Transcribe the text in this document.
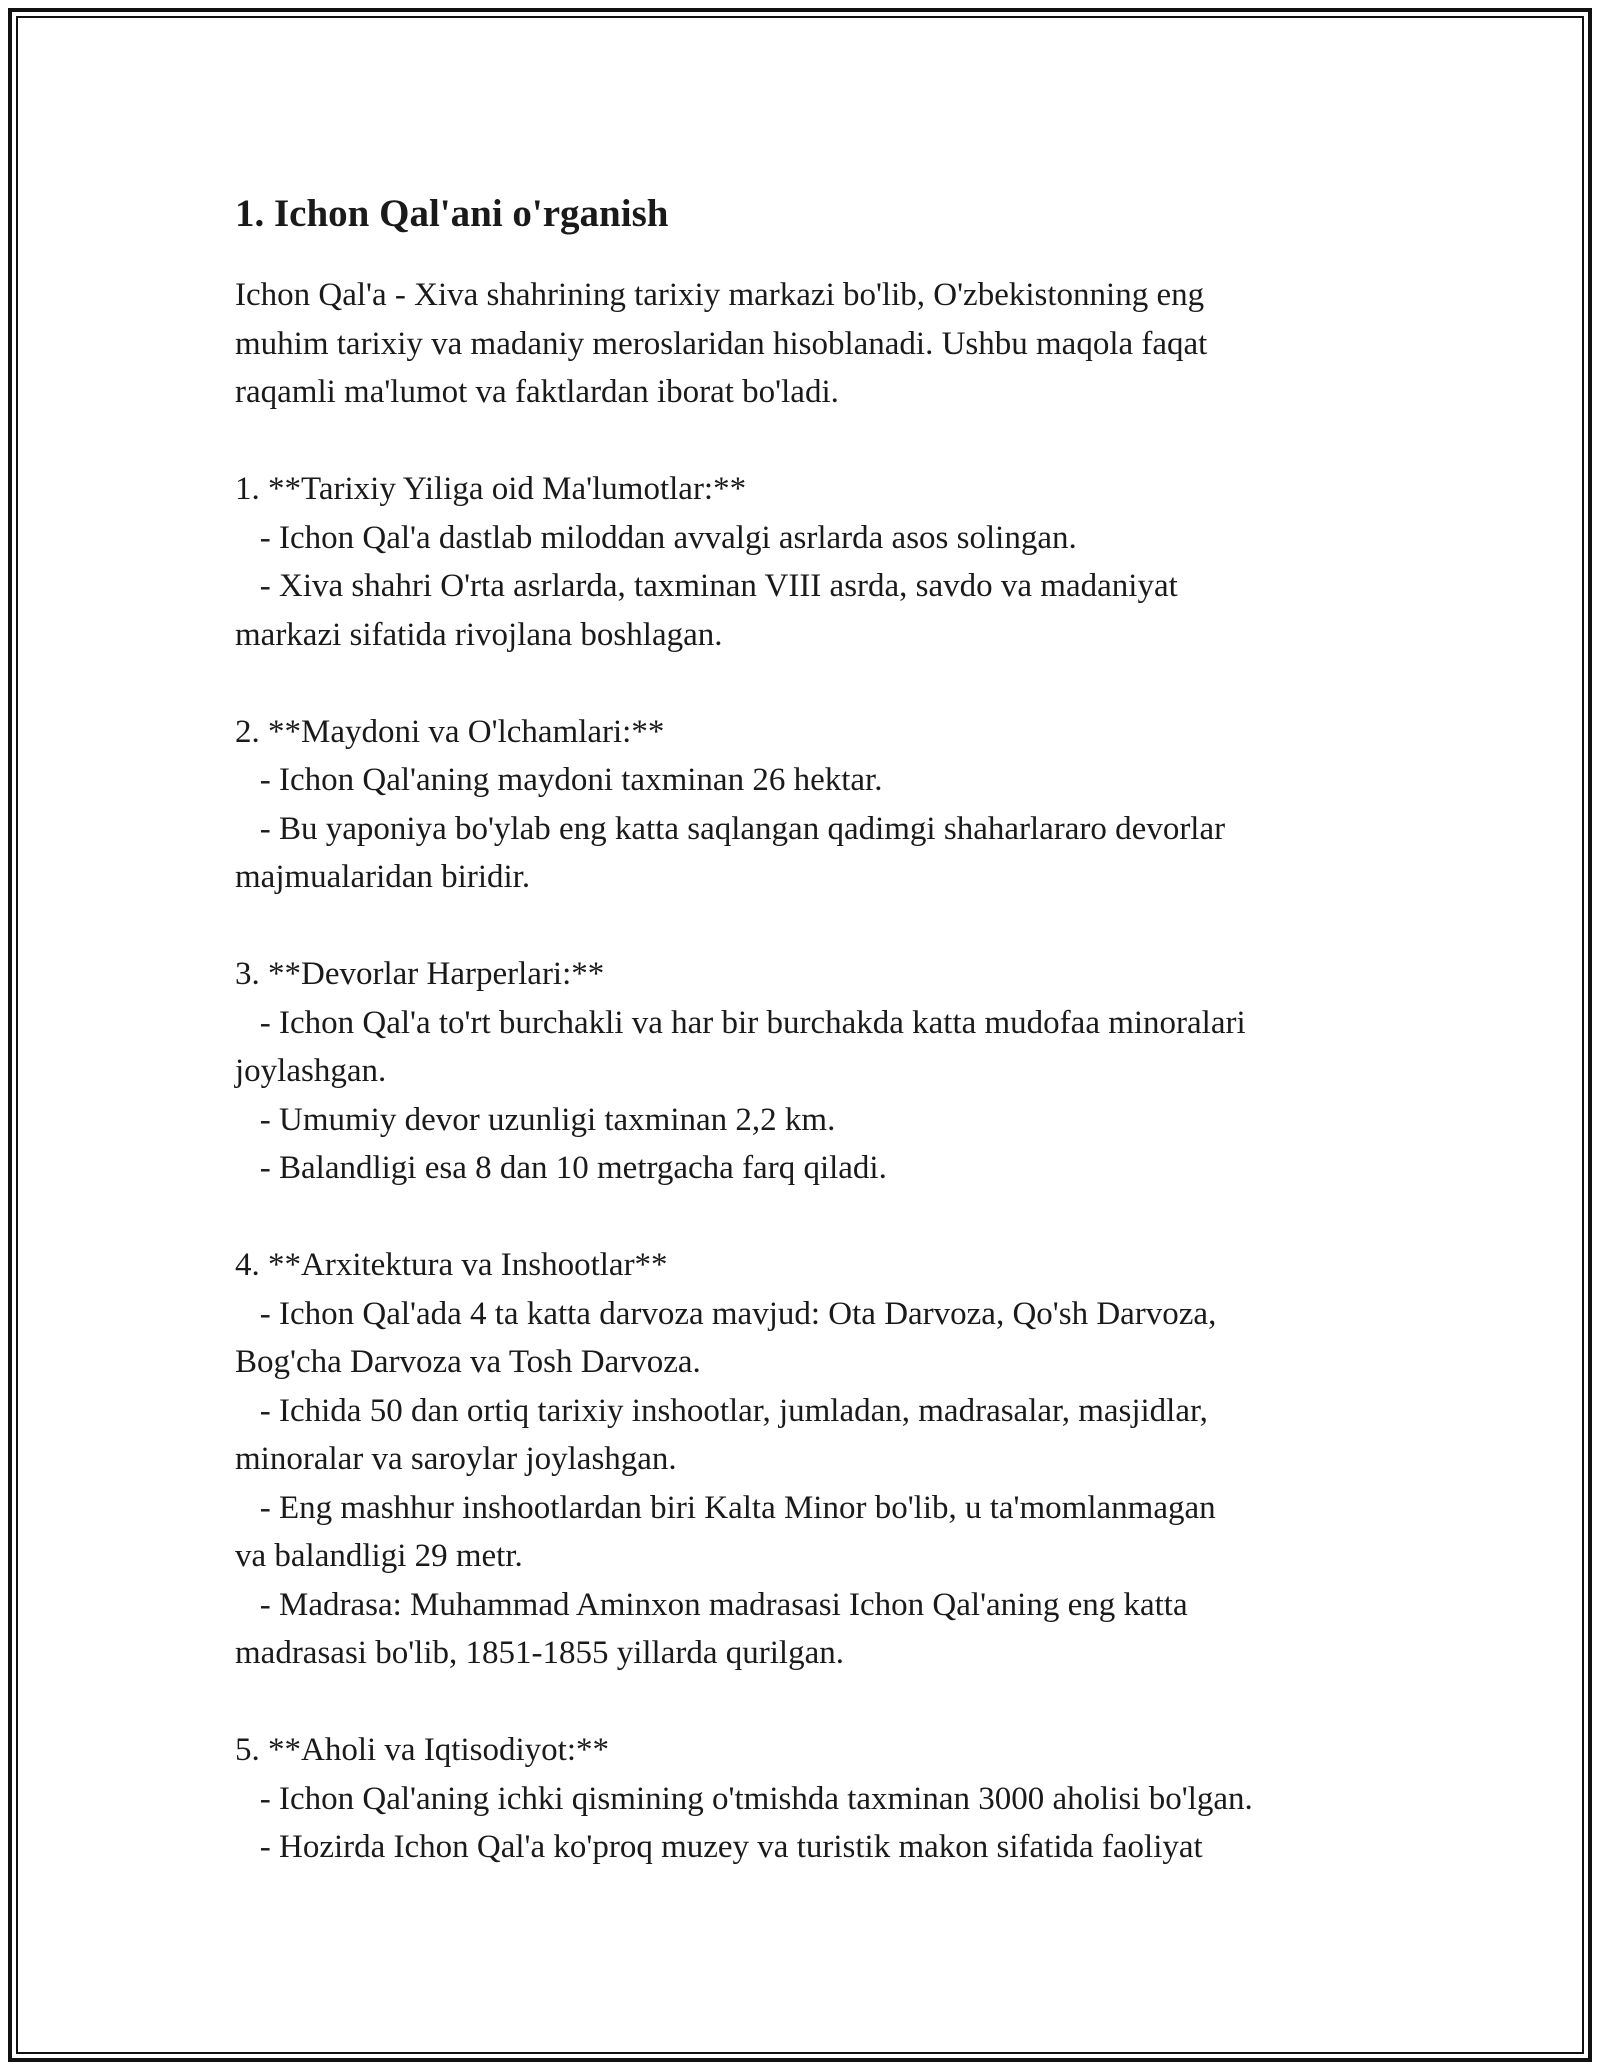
1. Ichon Qal'ani o'rganish

Ichon Qal'a - Xiva shahrining tarixiy markazi bo'lib, O'zbekistonning eng
muhim tarixiy va madaniy meroslaridan hisoblanadi. Ushbu maqola faqat
raqamli ma'lumot va faktlardan iborat bo'ladi.

1. **Tarixiy Yiliga oid Ma'lumotlar:**
- Ichon Qal'a dastlab miloddan avvalgi asrlarda asos solingan.
- Xiva shahri O'rta asrlarda, taxminan VIII asrda, savdo va madaniyat
markazi sifatida rivojlana boshlagan.

2. **Maydoni va O'lchamlari:**
- Ichon Qal'aning maydoni taxminan 26 hektar.
- Bu yaponiya bo'ylab eng katta saqlangan qadimgi shaharlararo devorlar
majmualaridan biridir.

3. **Devorlar Harperlari:**
- Ichon Qal'a to'rt burchakli va har bir burchakda katta mudofaa minoralari
joylashgan.
- Umumiy devor uzunligi taxminan 2,2 km.
- Balandligi esa 8 dan 10 metrgacha farq qiladi.

4. **Arxitektura va Inshootlar**
- Ichon Qal'ada 4 ta katta darvoza mavjud: Ota Darvoza, Qo'sh Darvoza,
Bog'cha Darvoza va Tosh Darvoza.
- Ichida 50 dan ortiq tarixiy inshootlar, jumladan, madrasalar, masjidlar,
minoralar va saroylar joylashgan.
- Eng mashhur inshootlardan biri Kalta Minor bo'lib, u ta'momlanmagan
va balandligi 29 metr.
- Madrasa: Muhammad Aminxon madrasasi Ichon Qal'aning eng katta
madrasasi bo'lib, 1851-1855 yillarda qurilgan.

5. **Aholi va Iqtisodiyot:**
- Ichon Qal'aning ichki qismining o'tmishda taxminan 3000 aholisi bo'lgan.
- Hozirda Ichon Qal'a ko'proq muzey va turistik makon sifatida faoliyat
